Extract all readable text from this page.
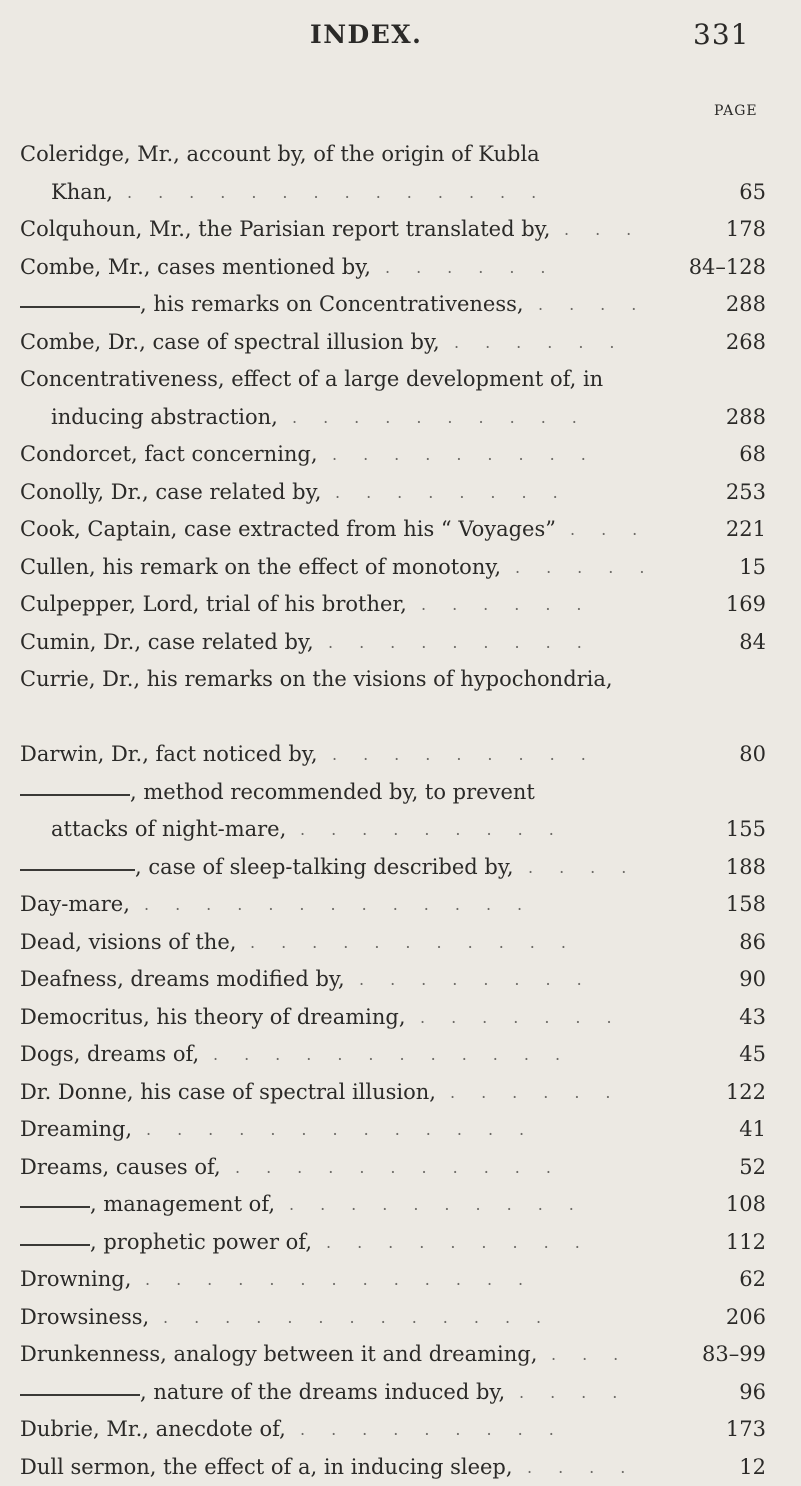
INDEX.	331
PAGE
Coleridge, Mr., account by, of the origin of Kubla
Khan,	65
..............
Colquhoun, Mr., the Parisian report translated by,	178
...
Combe, Mr., cases mentioned by,	84–128
......
, his remarks on Concentrativeness,	288
....
Combe, Dr., case of spectral illusion by,	268
......
Concentrativeness, effect of a large development of, in
inducing abstraction,	288
..........
Condorcet, fact concerning,	68
.........
Conolly, Dr., case related by,	253
........
Cook, Captain, case extracted from his “ Voyages”	221
...
Cullen, his remark on the effect of monotony,	15
.....
Culpepper, Lord, trial of his brother,	169
......
Cumin, Dr., case related by,	84
.........
Currie, Dr., his remarks on the visions of hypochondria,
Darwin, Dr., fact noticed by,	80
.........
, method recommended by, to prevent
attacks of night-mare,	155
.........
, case of sleep-talking described by,	188
....
Day-mare,	158
.............
Dead, visions of the,	86
...........
Deafness, dreams modified by,	90
........
Democritus, his theory of dreaming,	43
.......
Dogs, dreams of,	45
............
Dr. Donne, his case of spectral illusion,	122
......
Dreaming,	41
.............
Dreams, causes of,	52
...........
, management of,	108
..........
, prophetic power of,	112
.........
Drowning,	62
.............
Drowsiness,	206
.............
Drunkenness, analogy between it and dreaming,	83–99
...
, nature of the dreams induced by,	96
....
Dubrie, Mr., anecdote of,	173
.........
Dull sermon, the effect of a, in inducing sleep,	12
....
